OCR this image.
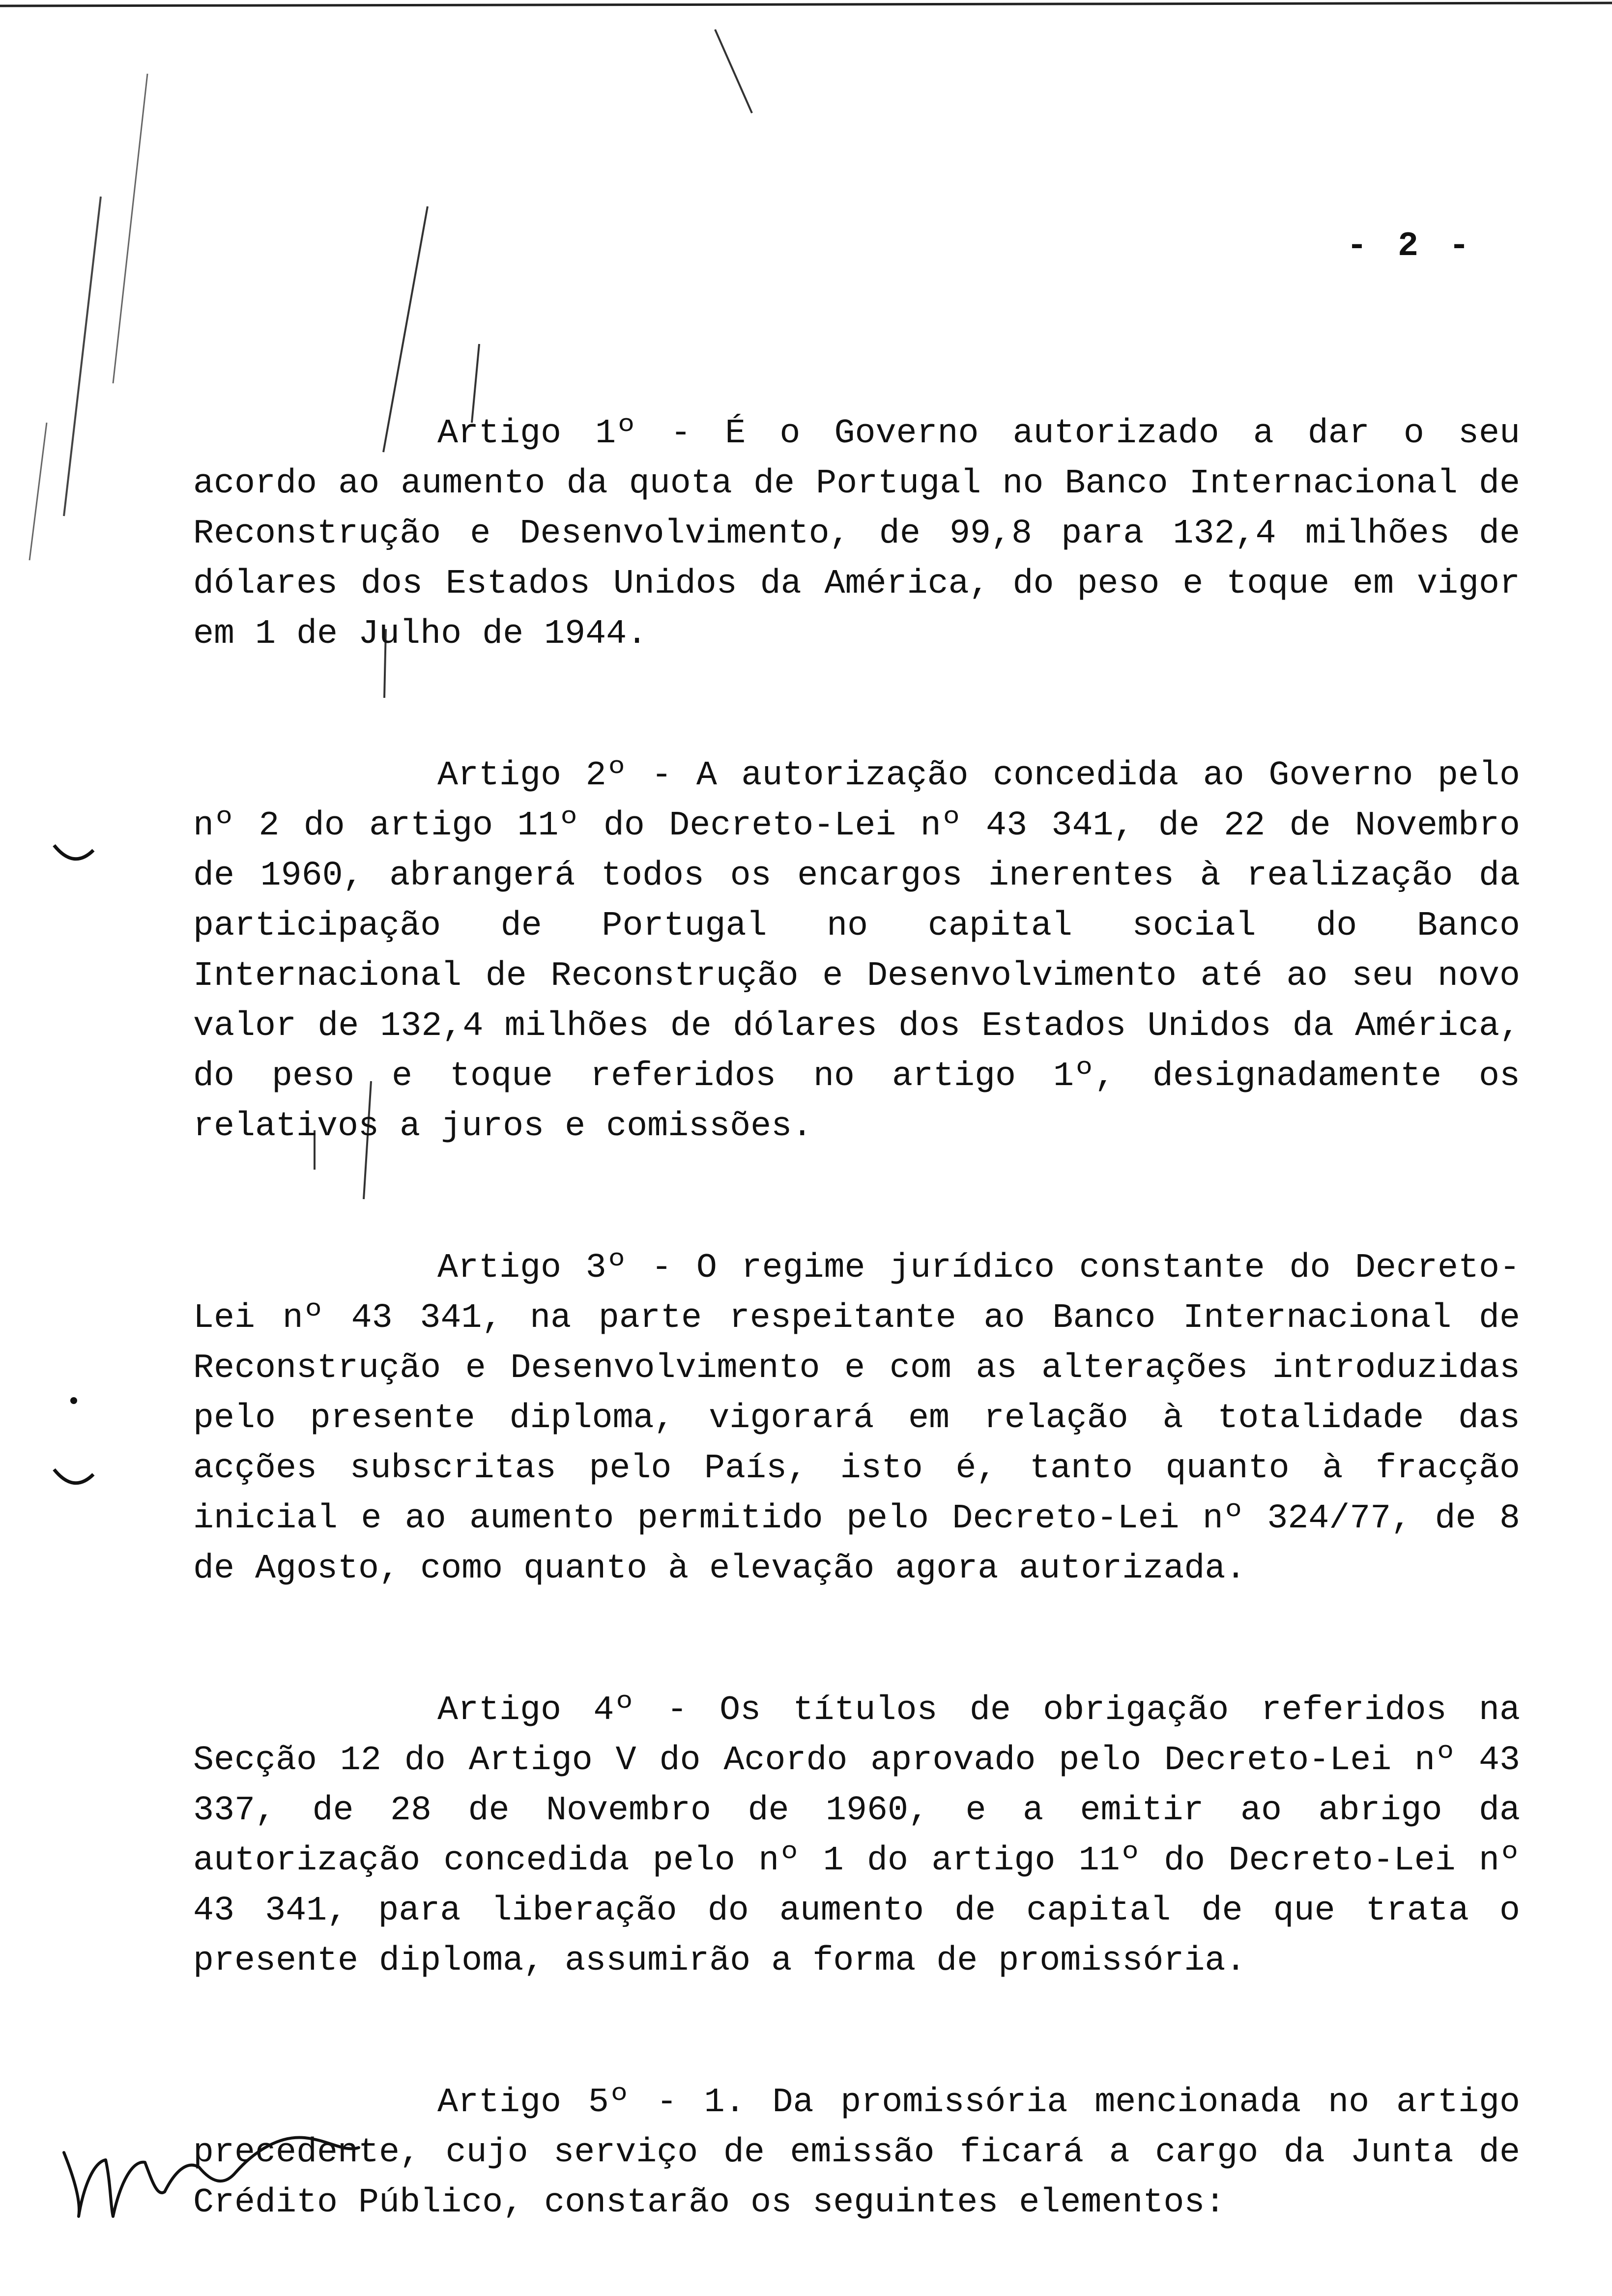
- 2 -

Artigo 1º - É o Governo autorizado a dar o seu acordo ao aumento da quota de Portugal no Banco Internacional de Reconstrução e Desenvolvimento, de 99,8 para 132,4 milhões de dólares dos Estados Unidos da América, do peso e toque em vigor em 1 de Julho de 1944.

Artigo 2º - A autorização concedida ao Governo pelo nº 2 do artigo 11º do Decreto-Lei nº 43 341, de 22 de Novembro de 1960, abrangerá todos os encargos inerentes à realização da participação de Portugal no capital social do Banco Internacional de Reconstrução e Desenvolvimento até ao seu novo valor de 132,4 milhões de dólares dos Estados Unidos da América, do peso e toque referidos no artigo 1º, designadamente os relativos a juros e comissões.

Artigo 3º - O regime jurídico constante do Decreto-Lei nº 43 341, na parte respeitante ao Banco Internacional de Reconstrução e Desenvolvimento e com as alterações introduzidas pelo presente diploma, vigorará em relação à totalidade das acções subscritas pelo País, isto é, tanto quanto à fracção inicial e ao aumento permitido pelo Decreto-Lei nº 324/77, de 8 de Agosto, como quanto à elevação agora autorizada.

Artigo 4º - Os títulos de obrigação referidos na Secção 12 do Artigo V do Acordo aprovado pelo Decreto-Lei nº 43 337, de 28 de Novembro de 1960, e a emitir ao abrigo da autorização concedida pelo nº 1 do artigo 11º do Decreto-Lei nº 43 341, para liberação do aumento de capital de que trata o presente diploma, assumirão a forma de promissória.

Artigo 5º - 1. Da promissória mencionada no artigo precedente, cujo serviço de emissão ficará a cargo da Junta de Crédito Público, constarão os seguintes elementos:
